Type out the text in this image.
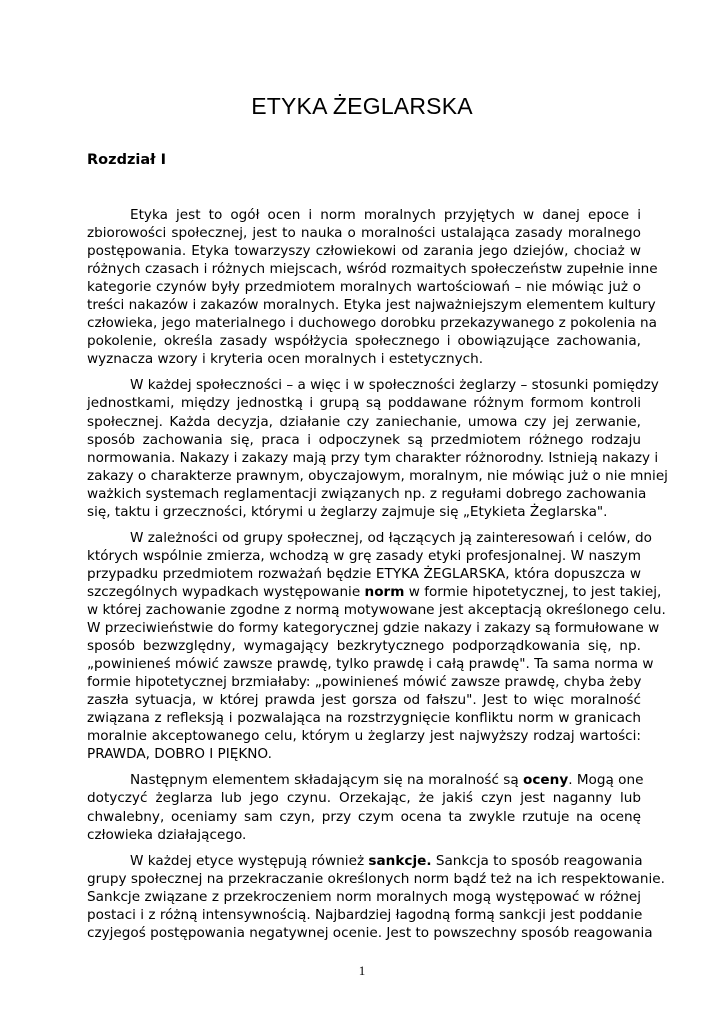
ETYKA ŻEGLARSKA
Rozdział I

Etyka jest to ogół ocen i norm moralnych przyjętych w danej epoce i
zbiorowości społecznej, jest to nauka o moralności ustalająca zasady moralnego
postępowania. Etyka towarzyszy człowiekowi od zarania jego dziejów, chociaż w
różnych czasach i różnych miejscach, wśród rozmaitych społeczeństw zupełnie inne
kategorie czynów były przedmiotem moralnych wartościowań – nie mówiąc już o
treści nakazów i zakazów moralnych. Etyka jest najważniejszym elementem kultury
człowieka, jego materialnego i duchowego dorobku przekazywanego z pokolenia na
pokolenie, określa zasady współżycia społecznego i obowiązujące zachowania,
wyznacza wzory i kryteria ocen moralnych i estetycznych.

W każdej społeczności – a więc i w społeczności żeglarzy – stosunki pomiędzy
jednostkami, między jednostką i grupą są poddawane różnym formom kontroli
społecznej. Każda decyzja, działanie czy zaniechanie, umowa czy jej zerwanie,
sposób zachowania się, praca i odpoczynek są przedmiotem różnego rodzaju
normowania. Nakazy i zakazy mają przy tym charakter różnorodny. Istnieją nakazy i
zakazy o charakterze prawnym, obyczajowym, moralnym, nie mówiąc już o nie mniej
ważkich systemach reglamentacji związanych np. z regułami dobrego zachowania
się, taktu i grzeczności, którymi u żeglarzy zajmuje się „Etykieta Żeglarska".

W zależności od grupy społecznej, od łączących ją zainteresowań i celów, do
których wspólnie zmierza, wchodzą w grę zasady etyki profesjonalnej. W naszym
przypadku przedmiotem rozważań będzie ETYKA ŻEGLARSKA, która dopuszcza w
szczególnych wypadkach występowanie norm w formie hipotetycznej, to jest takiej,
w której zachowanie zgodne z normą motywowane jest akceptacją określonego celu.
W przeciwieństwie do formy kategorycznej gdzie nakazy i zakazy są formułowane w
sposób bezwzględny, wymagający bezkrytycznego podporządkowania się, np.
„powinieneś mówić zawsze prawdę, tylko prawdę i całą prawdę". Ta sama norma w
formie hipotetycznej brzmiałaby: „powinieneś mówić zawsze prawdę, chyba żeby
zaszła sytuacja, w której prawda jest gorsza od fałszu". Jest to więc moralność
związana z refleksją i pozwalająca na rozstrzygnięcie konfliktu norm w granicach
moralnie akceptowanego celu, którym u żeglarzy jest najwyższy rodzaj wartości:
PRAWDA, DOBRO I PIĘKNO.

Następnym elementem składającym się na moralność są oceny. Mogą one
dotyczyć żeglarza lub jego czynu. Orzekając, że jakiś czyn jest naganny lub
chwalebny, oceniamy sam czyn, przy czym ocena ta zwykle rzutuje na ocenę
człowieka działającego.

W każdej etyce występują również sankcje. Sankcja to sposób reagowania
grupy społecznej na przekraczanie określonych norm bądź też na ich respektowanie.
Sankcje związane z przekroczeniem norm moralnych mogą występować w różnej
postaci i z różną intensywnością. Najbardziej łagodną formą sankcji jest poddanie
czyjegoś postępowania negatywnej ocenie. Jest to powszechny sposób reagowania

1
